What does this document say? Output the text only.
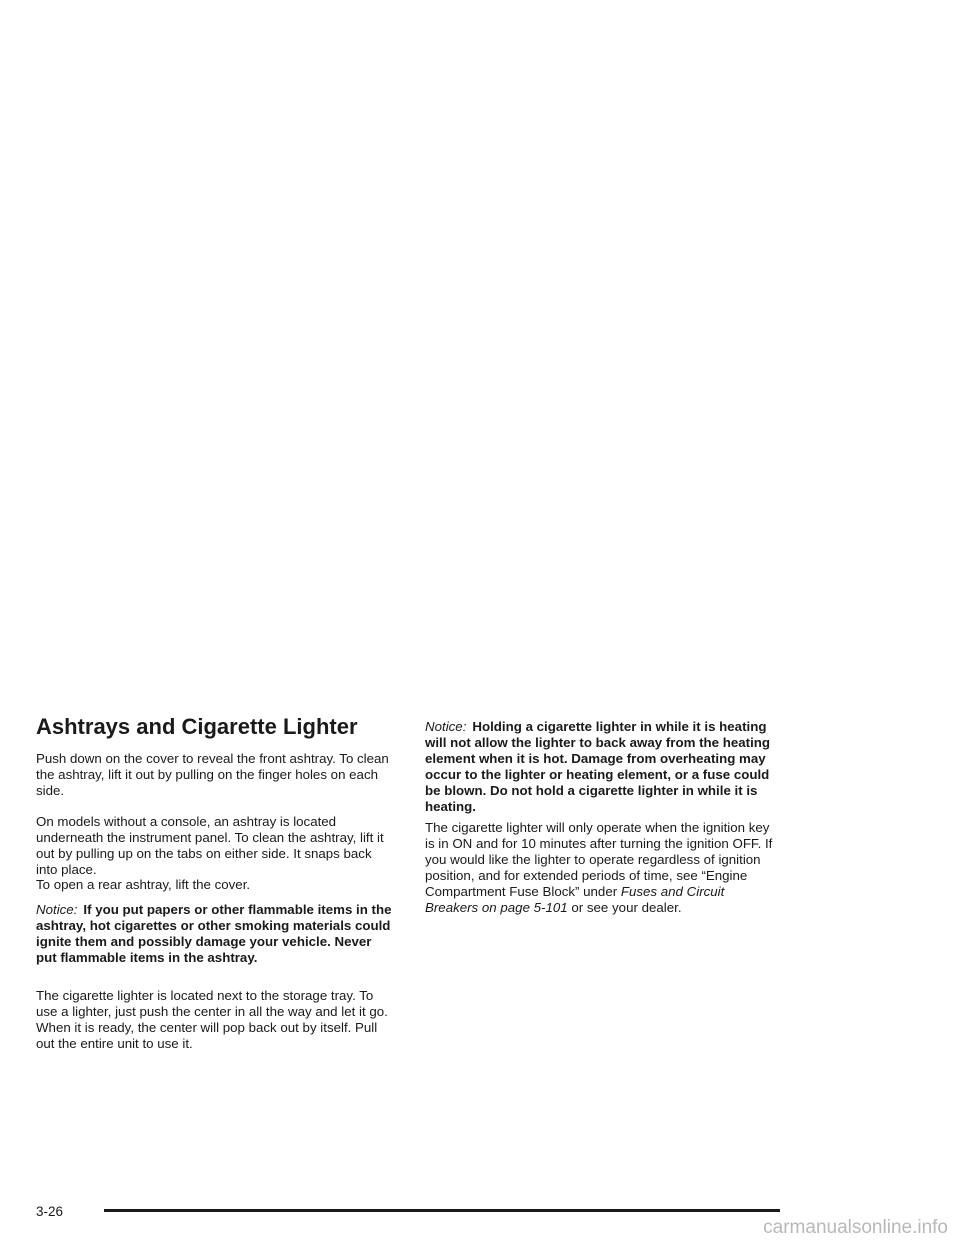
Ashtrays and Cigarette Lighter

Push down on the cover to reveal the front ashtray. To clean the ashtray, lift it out by pulling on the finger holes on each side.

On models without a console, an ashtray is located underneath the instrument panel. To clean the ashtray, lift it out by pulling up on the tabs on either side. It snaps back into place.

To open a rear ashtray, lift the cover.

Notice: If you put papers or other flammable items in the ashtray, hot cigarettes or other smoking materials could ignite them and possibly damage your vehicle. Never put flammable items in the ashtray.

The cigarette lighter is located next to the storage tray. To use a lighter, just push the center in all the way and let it go. When it is ready, the center will pop back out by itself. Pull out the entire unit to use it.

Notice: Holding a cigarette lighter in while it is heating will not allow the lighter to back away from the heating element when it is hot. Damage from overheating may occur to the lighter or heating element, or a fuse could be blown. Do not hold a cigarette lighter in while it is heating.

The cigarette lighter will only operate when the ignition key is in ON and for 10 minutes after turning the ignition OFF. If you would like the lighter to operate regardless of ignition position, and for extended periods of time, see “Engine Compartment Fuse Block” under Fuses and Circuit Breakers on page 5-101 or see your dealer.

3-26
carmanualsonline.info
